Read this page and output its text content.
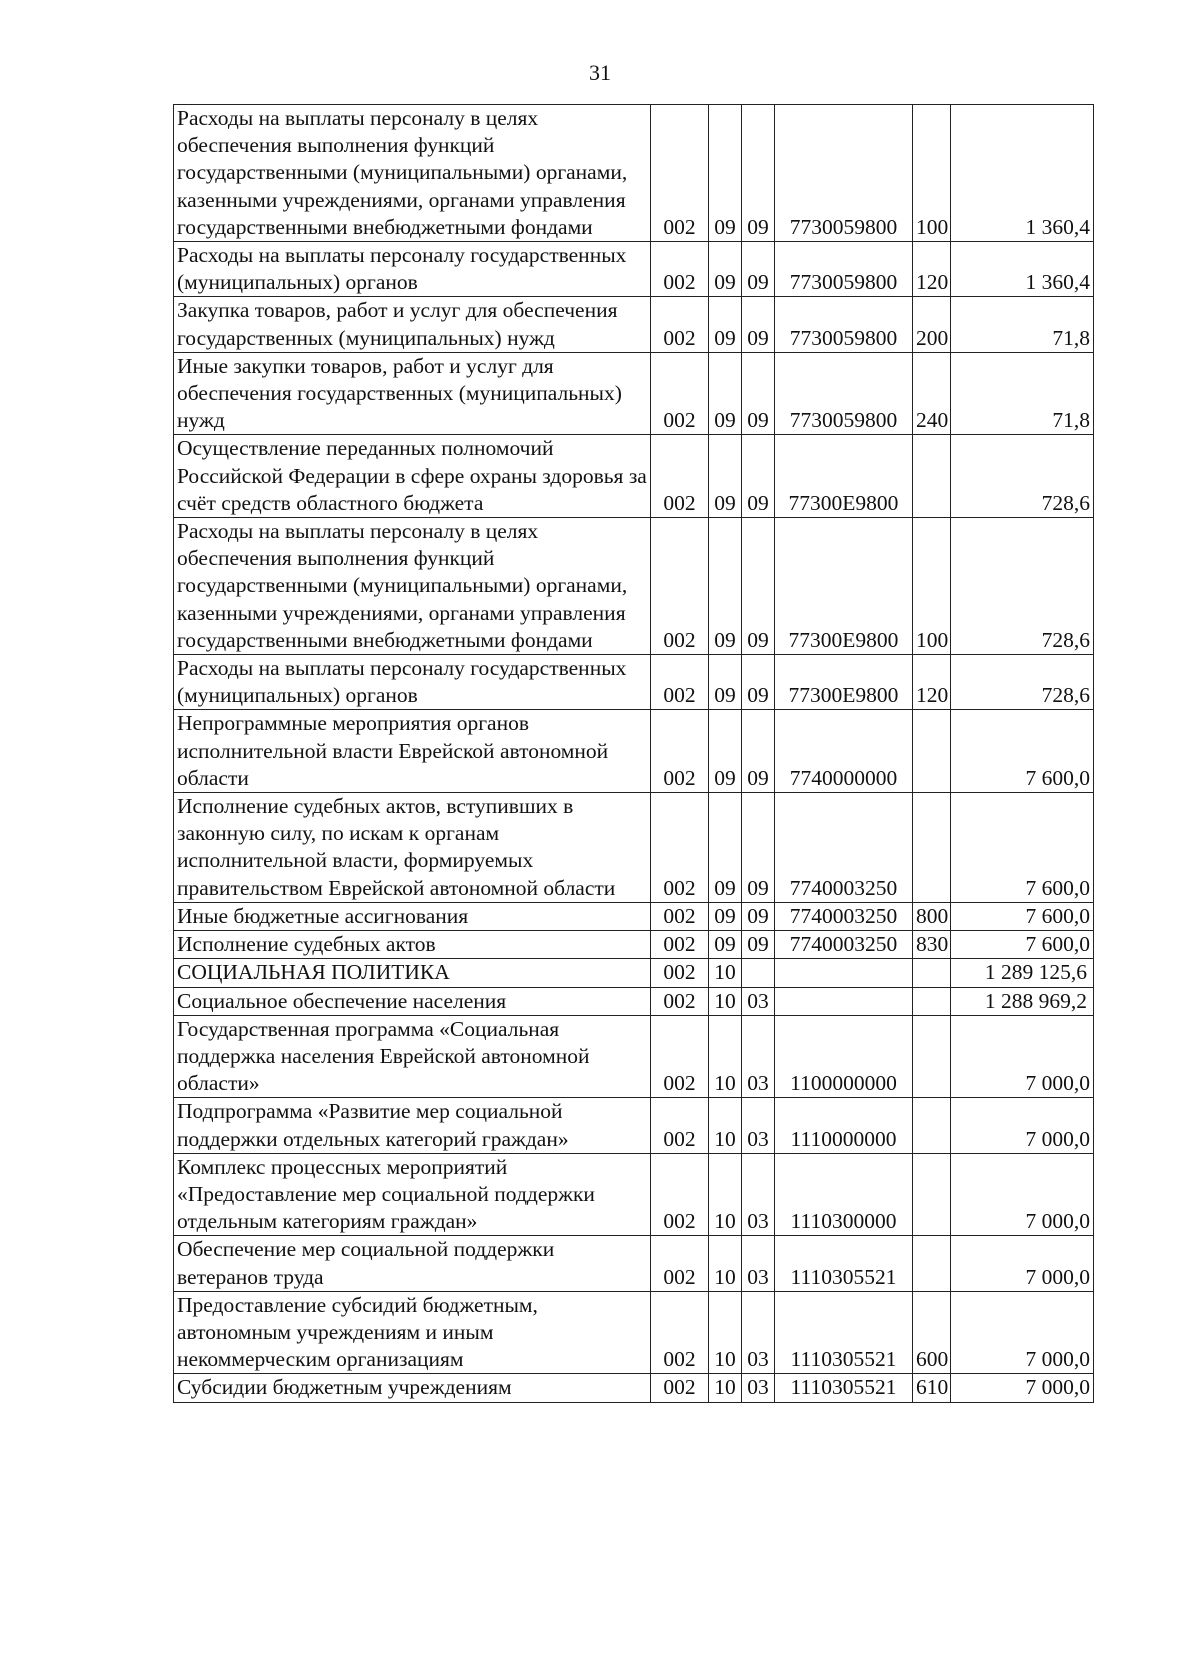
31
Расходы на выплаты персоналу в целях обеспечения выполнения функций государственными (муниципальными) органами, казенными учреждениями, органами управления государственными внебюджетными фондами	002	09	09	7730059800	100	1 360,4
Расходы на выплаты персоналу государственных (муниципальных) органов	002	09	09	7730059800	120	1 360,4
Закупка товаров, работ и услуг для обеспечения государственных (муниципальных) нужд	002	09	09	7730059800	200	71,8
Иные закупки товаров, работ и услуг для обеспечения государственных (муниципальных) нужд	002	09	09	7730059800	240	71,8
Осуществление переданных полномочий Российской Федерации в сфере охраны здоровья за счёт средств областного бюджета	002	09	09	77300E9800		728,6
Расходы на выплаты персоналу в целях обеспечения выполнения функций государственными (муниципальными) органами, казенными учреждениями, органами управления государственными внебюджетными фондами	002	09	09	77300E9800	100	728,6
Расходы на выплаты персоналу государственных (муниципальных) органов	002	09	09	77300E9800	120	728,6
Непрограммные мероприятия органов исполнительной власти Еврейской автономной области	002	09	09	7740000000		7 600,0
Исполнение судебных актов, вступивших в законную силу, по искам к органам исполнительной власти, формируемых правительством Еврейской автономной области	002	09	09	7740003250		7 600,0
Иные бюджетные ассигнования	002	09	09	7740003250	800	7 600,0
Исполнение судебных актов	002	09	09	7740003250	830	7 600,0
СОЦИАЛЬНАЯ ПОЛИТИКА	002	10				1 289 125,6
Социальное обеспечение населения	002	10	03			1 288 969,2
Государственная программа «Социальная поддержка населения Еврейской автономной области»	002	10	03	1100000000		7 000,0
Подпрограмма «Развитие мер социальной поддержки отдельных категорий граждан»	002	10	03	1110000000		7 000,0
Комплекс процессных мероприятий «Предоставление мер социальной поддержки отдельным категориям граждан»	002	10	03	1110300000		7 000,0
Обеспечение мер социальной поддержки ветеранов труда	002	10	03	1110305521		7 000,0
Предоставление субсидий бюджетным, автономным учреждениям и иным некоммерческим организациям	002	10	03	1110305521	600	7 000,0
Субсидии бюджетным учреждениям	002	10	03	1110305521	610	7 000,0
